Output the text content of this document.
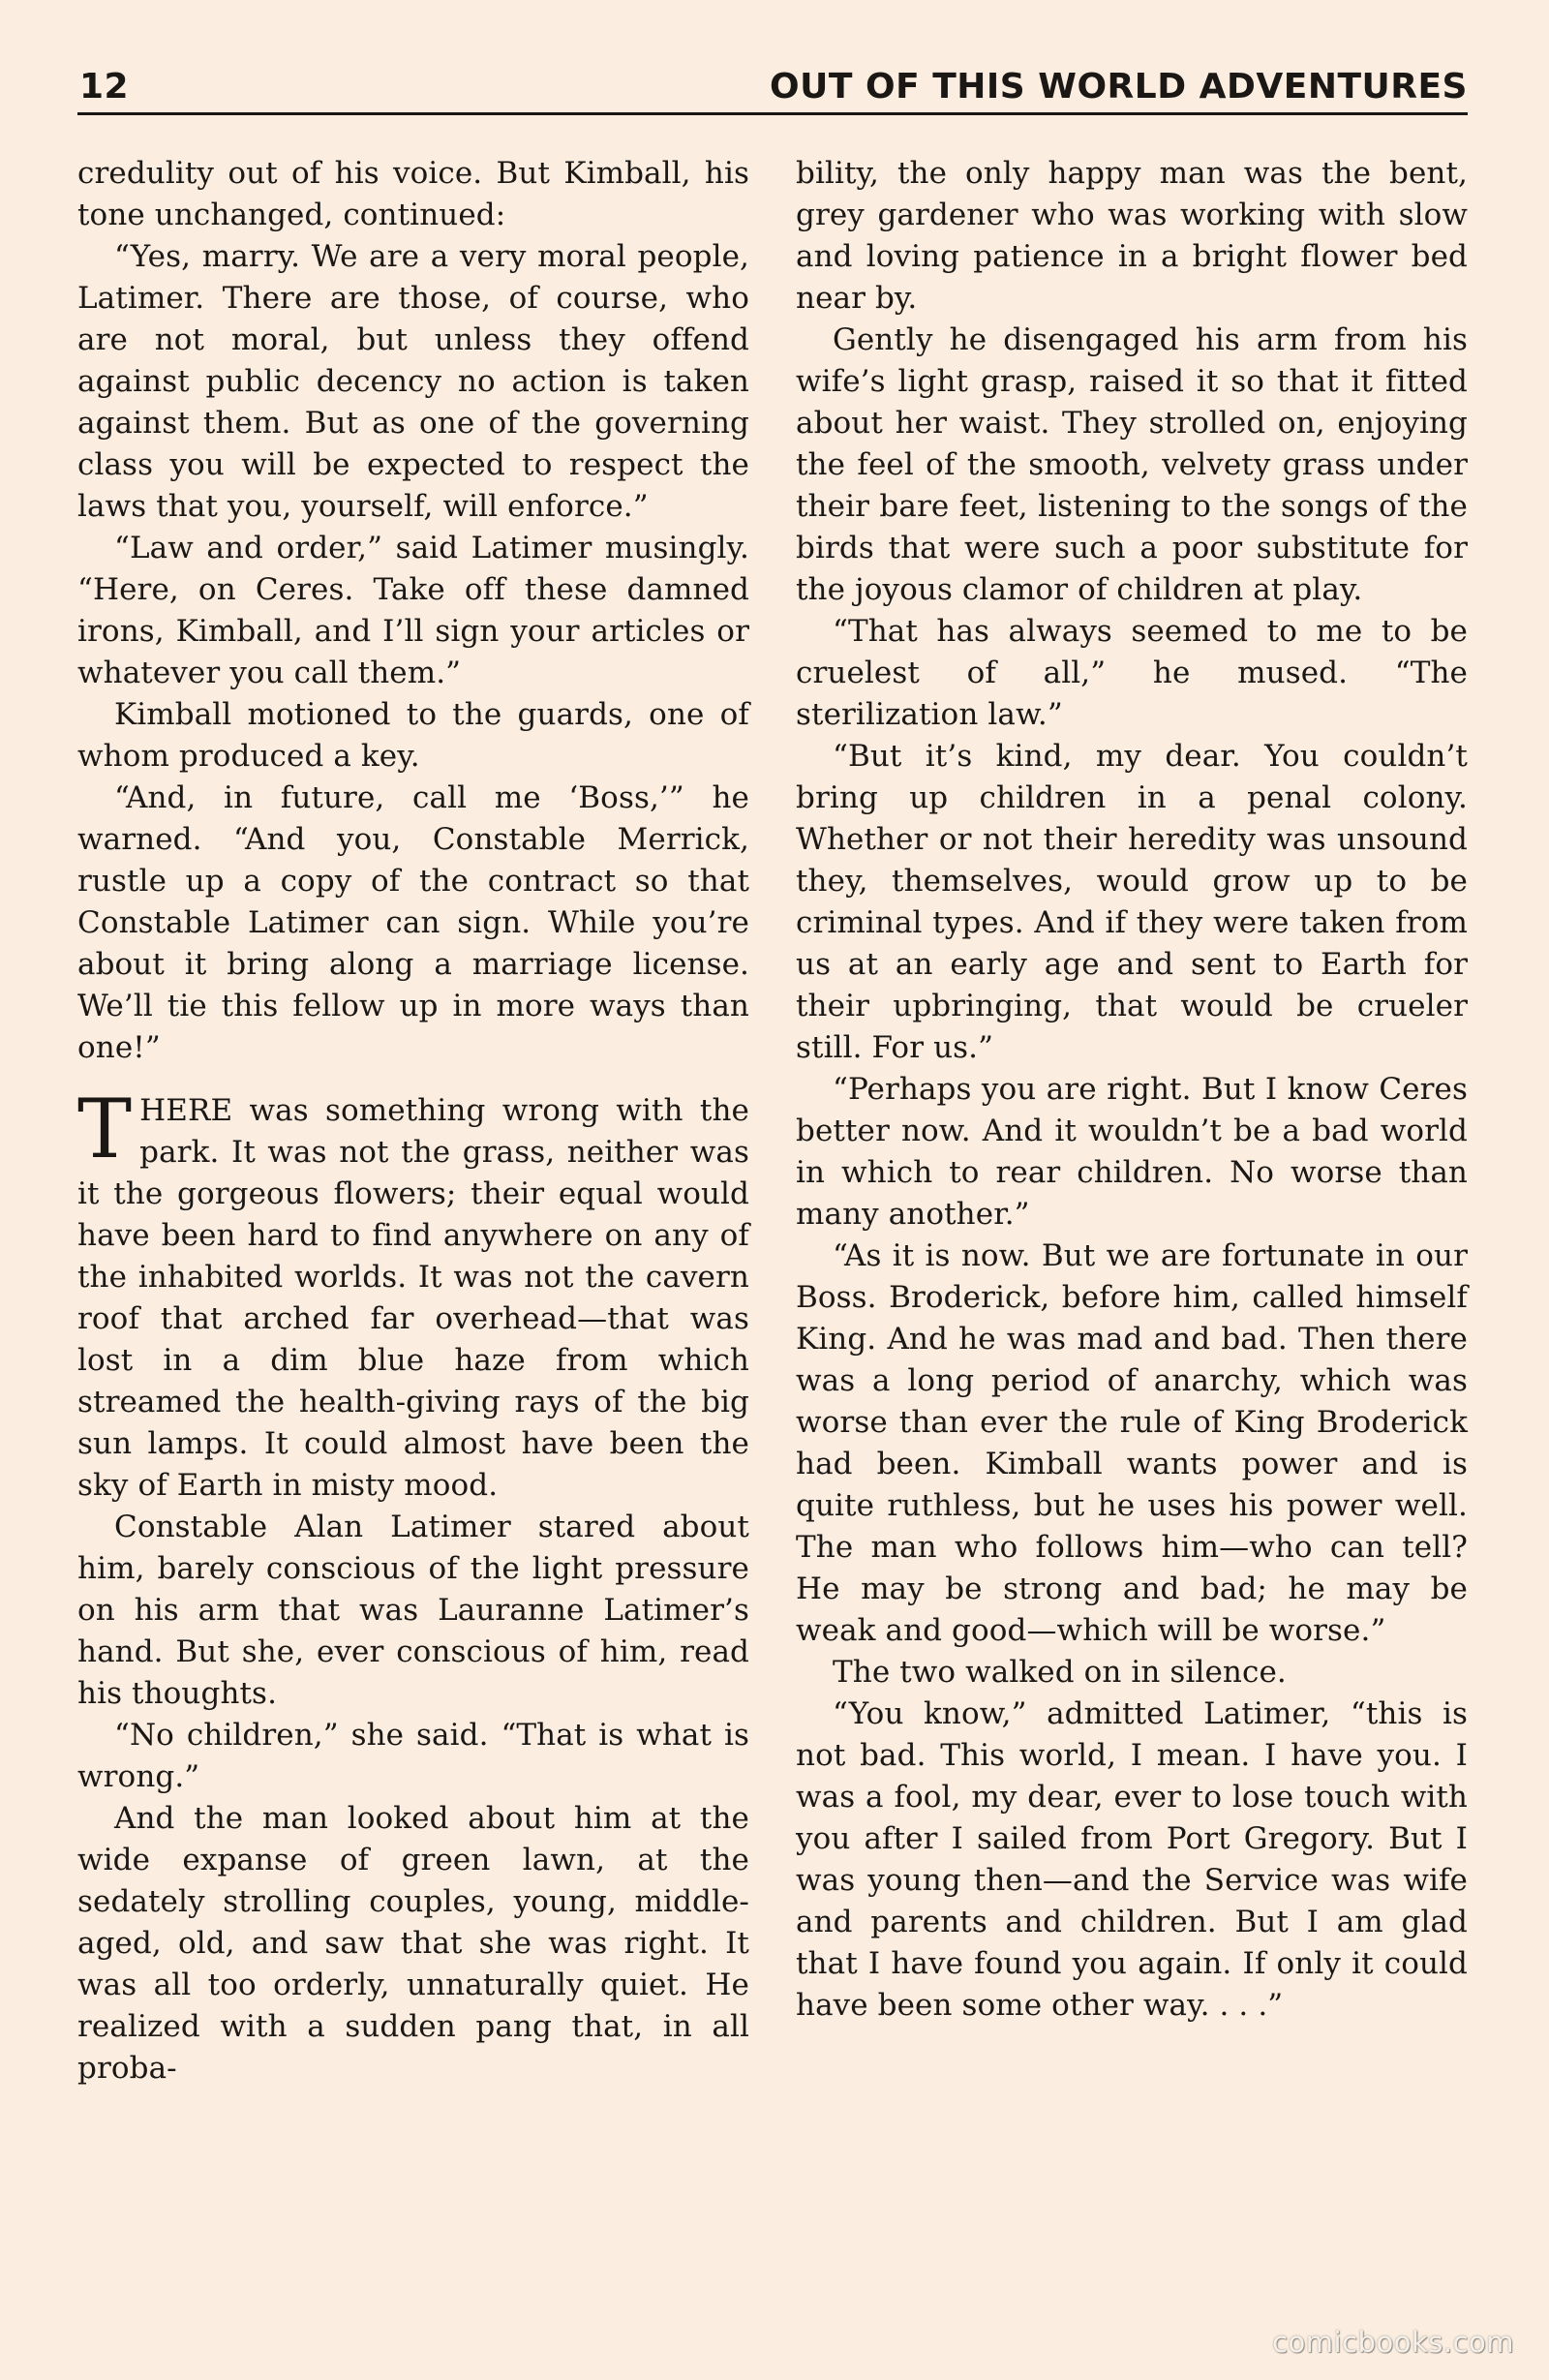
12	OUT OF THIS WORLD ADVENTURES

credulity out of his voice. But Kimball, his tone unchanged, continued:

“Yes, marry. We are a very moral people, Latimer. There are those, of course, who are not moral, but unless they offend against public decency no action is taken against them. But as one of the governing class you will be expected to respect the laws that you, yourself, will enforce.”

“Law and order,” said Latimer musingly. “Here, on Ceres. Take off these damned irons, Kimball, and I’ll sign your articles or whatever you call them.”

Kimball motioned to the guards, one of whom produced a key.

“And, in future, call me ‘Boss,’” he warned. “And you, Constable Merrick, rustle up a copy of the contract so that Constable Latimer can sign. While you’re about it bring along a marriage license. We’ll tie this fellow up in more ways than one!”

THERE was something wrong with the park. It was not the grass, neither was it the gorgeous flowers; their equal would have been hard to find anywhere on any of the inhabited worlds. It was not the cavern roof that arched far overhead—that was lost in a dim blue haze from which streamed the health-giving rays of the big sun lamps. It could almost have been the sky of Earth in misty mood.

Constable Alan Latimer stared about him, barely conscious of the light pressure on his arm that was Lauranne Latimer’s hand. But she, ever conscious of him, read his thoughts.

“No children,” she said. “That is what is wrong.”

And the man looked about him at the wide expanse of green lawn, at the sedately strolling couples, young, middle-aged, old, and saw that she was right. It was all too orderly, unnaturally quiet. He realized with a sudden pang that, in all proba-

bility, the only happy man was the bent, grey gardener who was working with slow and loving patience in a bright flower bed near by.

Gently he disengaged his arm from his wife’s light grasp, raised it so that it fitted about her waist. They strolled on, enjoying the feel of the smooth, velvety grass under their bare feet, listening to the songs of the birds that were such a poor substitute for the joyous clamor of children at play.

“That has always seemed to me to be cruelest of all,” he mused. “The sterilization law.”

“But it’s kind, my dear. You couldn’t bring up children in a penal colony. Whether or not their heredity was unsound they, themselves, would grow up to be criminal types. And if they were taken from us at an early age and sent to Earth for their upbringing, that would be crueler still. For us.”

“Perhaps you are right. But I know Ceres better now. And it wouldn’t be a bad world in which to rear children. No worse than many another.”

“As it is now. But we are fortunate in our Boss. Broderick, before him, called himself King. And he was mad and bad. Then there was a long period of anarchy, which was worse than ever the rule of King Broderick had been. Kimball wants power and is quite ruthless, but he uses his power well. The man who follows him—who can tell? He may be strong and bad; he may be weak and good—which will be worse.”

The two walked on in silence.

“You know,” admitted Latimer, “this is not bad. This world, I mean. I have you. I was a fool, my dear, ever to lose touch with you after I sailed from Port Gregory. But I was young then—and the Service was wife and parents and children. But I am glad that I have found you again. If only it could have been some other way. . . .”

comicbooks.com
